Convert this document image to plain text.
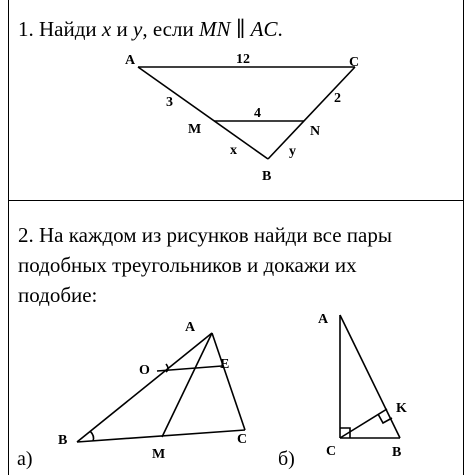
1. Найди x и y, если MN ∥ AC.
2. На каждом из рисунков найди все пары
подобных треугольников и докажи их
подобие:
а)	б)
A	C
M	N
B
12
4
3	2
x	y
A
O	E
B
M
C
A
K
C	B
